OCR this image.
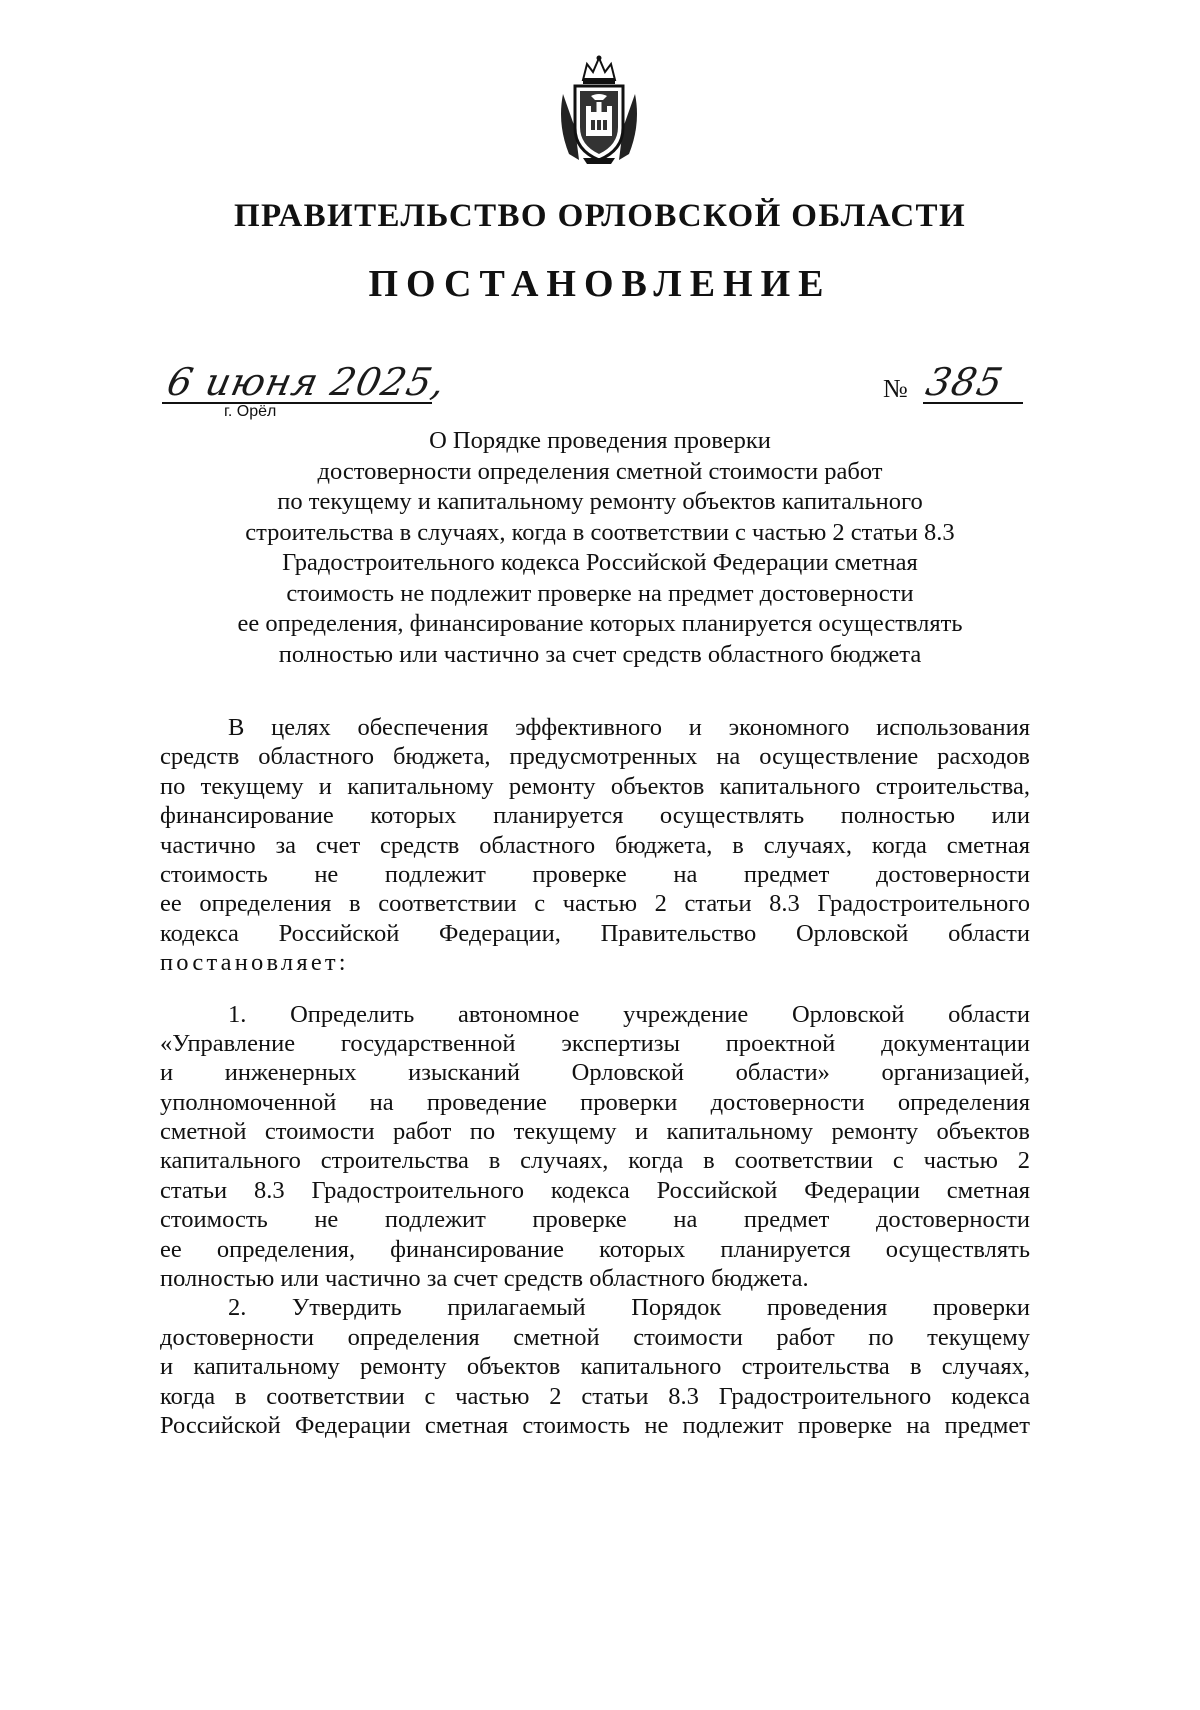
ПРАВИТЕЛЬСТВО ОРЛОВСКОЙ ОБЛАСТИ
ПОСТАНОВЛЕНИЕ
6 июня 2025,
г. Орёл
№ 385
О Порядке проведения проверки
достоверности определения сметной стоимости работ
по текущему и капитальному ремонту объектов капитального
строительства в случаях, когда в соответствии с частью 2 статьи 8.3
Градостроительного кодекса Российской Федерации сметная
стоимость не подлежит проверке на предмет достоверности
ее определения, финансирование которых планируется осуществлять
полностью или частично за счет средств областного бюджета
В целях обеспечения эффективного и экономного использования
средств областного бюджета, предусмотренных на осуществление расходов
по текущему и капитальному ремонту объектов капитального строительства,
финансирование которых планируется осуществлять полностью или
частично за счет средств областного бюджета, в случаях, когда сметная
стоимость не подлежит проверке на предмет достоверности
ее определения в соответствии с частью 2 статьи 8.3 Градостроительного
кодекса Российской Федерации, Правительство Орловской области
постановляет:
1. Определить автономное учреждение Орловской области
«Управление государственной экспертизы проектной документации
и инженерных изысканий Орловской области» организацией,
уполномоченной на проведение проверки достоверности определения
сметной стоимости работ по текущему и капитальному ремонту объектов
капитального строительства в случаях, когда в соответствии с частью 2
статьи 8.3 Градостроительного кодекса Российской Федерации сметная
стоимость не подлежит проверке на предмет достоверности
ее определения, финансирование которых планируется осуществлять
полностью или частично за счет средств областного бюджета.
2. Утвердить прилагаемый Порядок проведения проверки
достоверности определения сметной стоимости работ по текущему
и капитальному ремонту объектов капитального строительства в случаях,
когда в соответствии с частью 2 статьи 8.3 Градостроительного кодекса
Российской Федерации сметная стоимость не подлежит проверке на предмет
